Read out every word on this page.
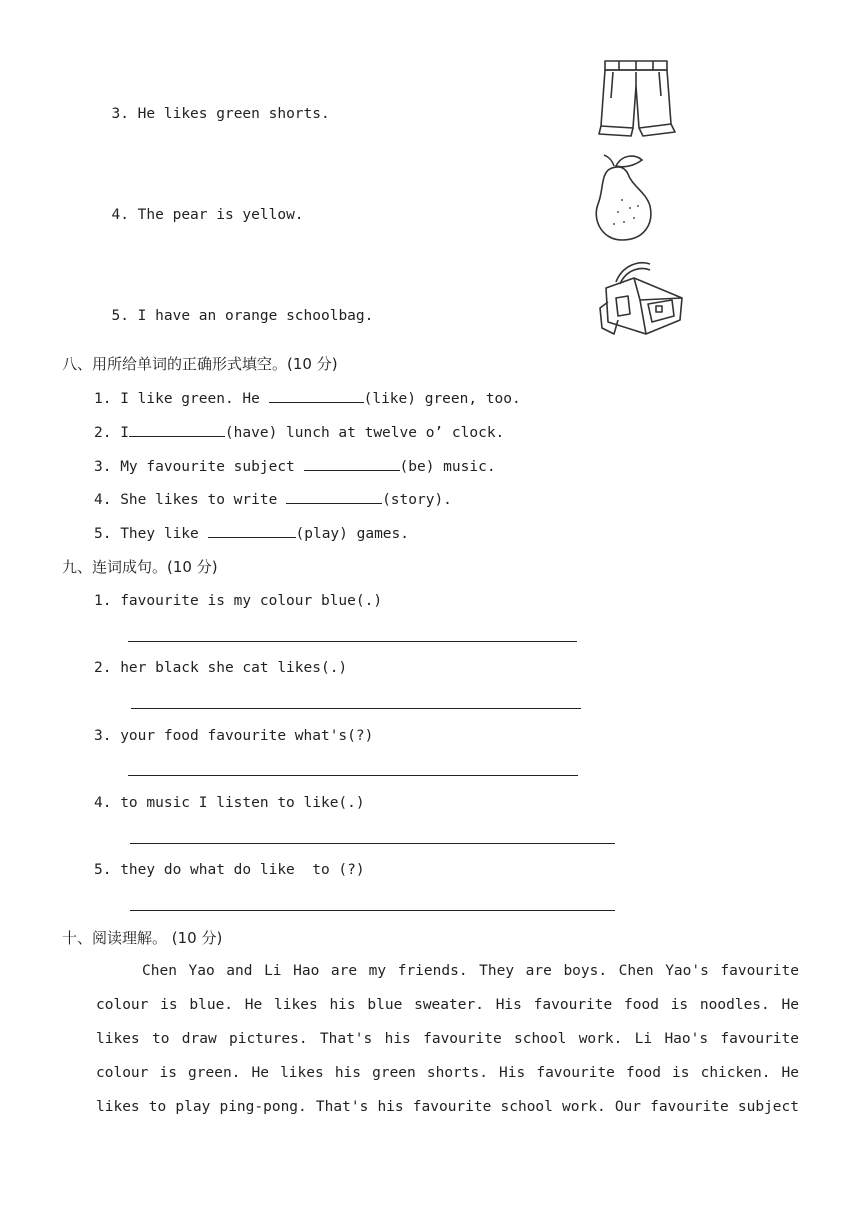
3. He likes green shorts.

4. The pear is yellow.

5. I have an orange schoolbag.

八、用所给单词的正确形式填空。(10 分)
1. I like green. He	(like) green, too.
2. I	(have) lunch at twelve o’ clock.
3. My favourite subject	(be) music.
4. She likes to write	(story).
5. They like	(play) games.
九、连词成句。(10 分)
1. favourite is my colour blue(.)
2. her black she cat likes(.)
3. your food favourite what's(?)
4. to music I listen to like(.)
5. they do what do like  to (?)
十、阅读理解。 (10 分)
Chen Yao and Li Hao are my friends. They are boys. Chen Yao's favourite
colour is blue. He likes his blue sweater. His favourite food is noodles. He
likes to draw pictures. That's his favourite school work. Li Hao's favourite
colour is green. He likes his green shorts. His favourite food is chicken. He
likes to play ping-pong. That's his favourite school work. Our favourite subject
